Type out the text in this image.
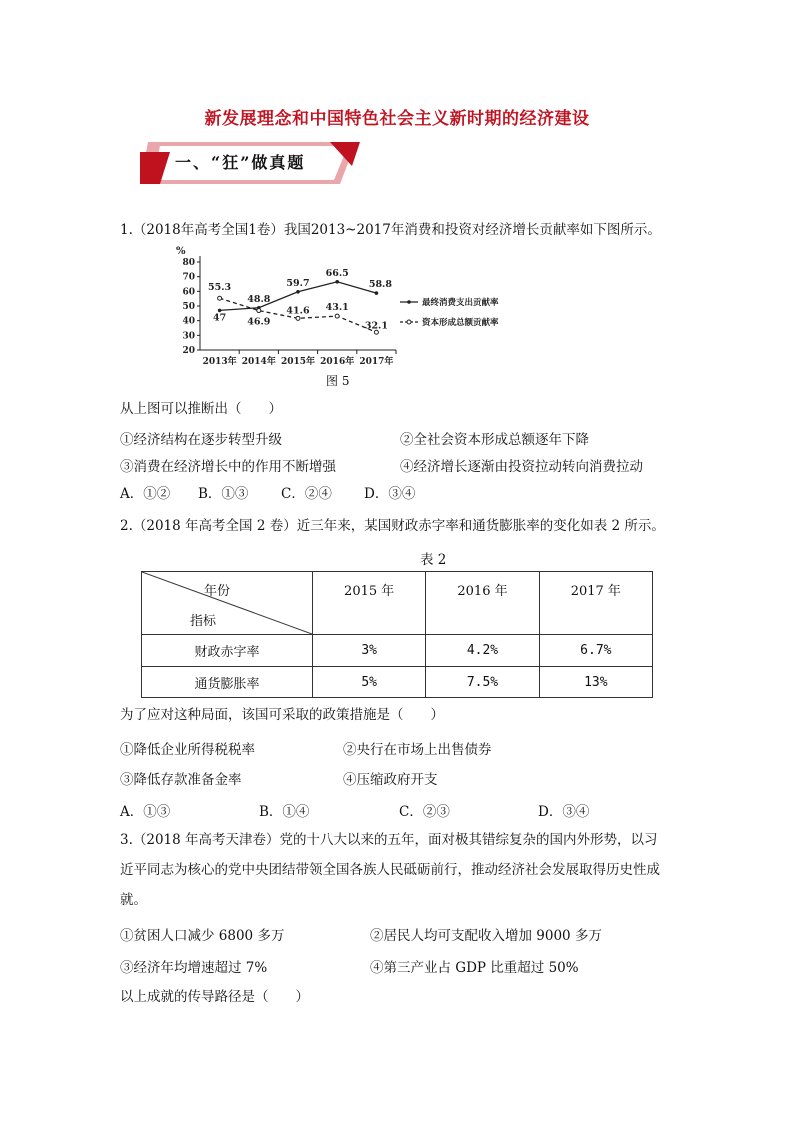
新发展理念和中国特色社会主义新时期的经济建设
一、“狂”做真题
1.（2018年高考全国1卷）我国2013~2017年消费和投资对经济增长贡献率如下图所示。
%
20
30
40
50
60
70
80
2013年 2014年 2015年 2016年 2017年
47
48.8
59.7
66.5
58.8
55.3
46.9
41.6 43.1
32.1
最终消费支出贡献率
资本形成总额贡献率
图 5
从上图可以推断出（　　）
①经济结构在逐步转型升级	②全社会资本形成总额逐年下降
③消费在经济增长中的作用不断增强	④经济增长逐渐由投资拉动转向消费拉动
A．①② B．①③ C．②④ D．③④
2.（2018 年高考全国 2 卷）近三年来，某国财政赤字率和通货膨胀率的变化如表 2 所示。
表 2
年份
指标	2015 年	2016 年	2017 年
财政赤字率	3%	4.2%	6.7%
通货膨胀率	5%	7.5%	13%
为了应对这种局面，该国可采取的政策措施是（　　）
①降低企业所得税税率	②央行在市场上出售债券
③降低存款准备金率	④压缩政府开支
A．①③	B．①④	C．②③	D．③④
3.（2018 年高考天津卷）党的十八大以来的五年，面对极其错综复杂的国内外形势，以习
近平同志为核心的党中央团结带领全国各族人民砥砺前行，推动经济社会发展取得历史性成
就。
①贫困人口减少 6800 多万	②居民人均可支配收入增加 9000 多万
③经济年均增速超过 7%	④第三产业占 GDP 比重超过 50%
以上成就的传导路径是（　　）
